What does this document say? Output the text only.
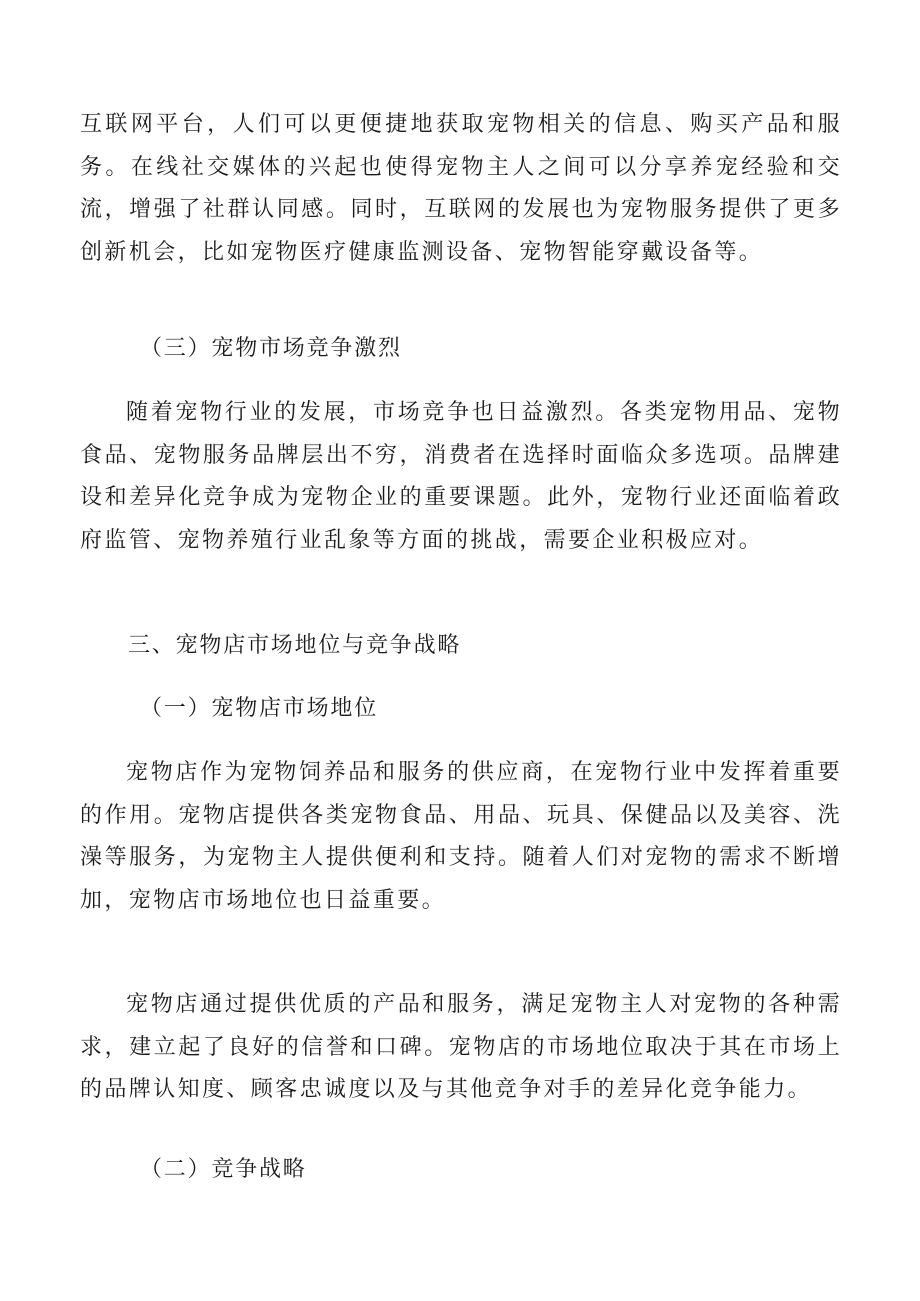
互联网平台，人们可以更便捷地获取宠物相关的信息、购买产品和服务。在线社交媒体的兴起也使得宠物主人之间可以分享养宠经验和交流，增强了社群认同感。同时，互联网的发展也为宠物服务提供了更多创新机会，比如宠物医疗健康监测设备、宠物智能穿戴设备等。

（三）宠物市场竞争激烈

随着宠物行业的发展，市场竞争也日益激烈。各类宠物用品、宠物食品、宠物服务品牌层出不穷，消费者在选择时面临众多选项。品牌建设和差异化竞争成为宠物企业的重要课题。此外，宠物行业还面临着政府监管、宠物养殖行业乱象等方面的挑战，需要企业积极应对。

三、宠物店市场地位与竞争战略

（一）宠物店市场地位

宠物店作为宠物饲养品和服务的供应商，在宠物行业中发挥着重要的作用。宠物店提供各类宠物食品、用品、玩具、保健品以及美容、洗澡等服务，为宠物主人提供便利和支持。随着人们对宠物的需求不断增加，宠物店市场地位也日益重要。

宠物店通过提供优质的产品和服务，满足宠物主人对宠物的各种需求，建立起了良好的信誉和口碑。宠物店的市场地位取决于其在市场上的品牌认知度、顾客忠诚度以及与其他竞争对手的差异化竞争能力。

（二）竞争战略
